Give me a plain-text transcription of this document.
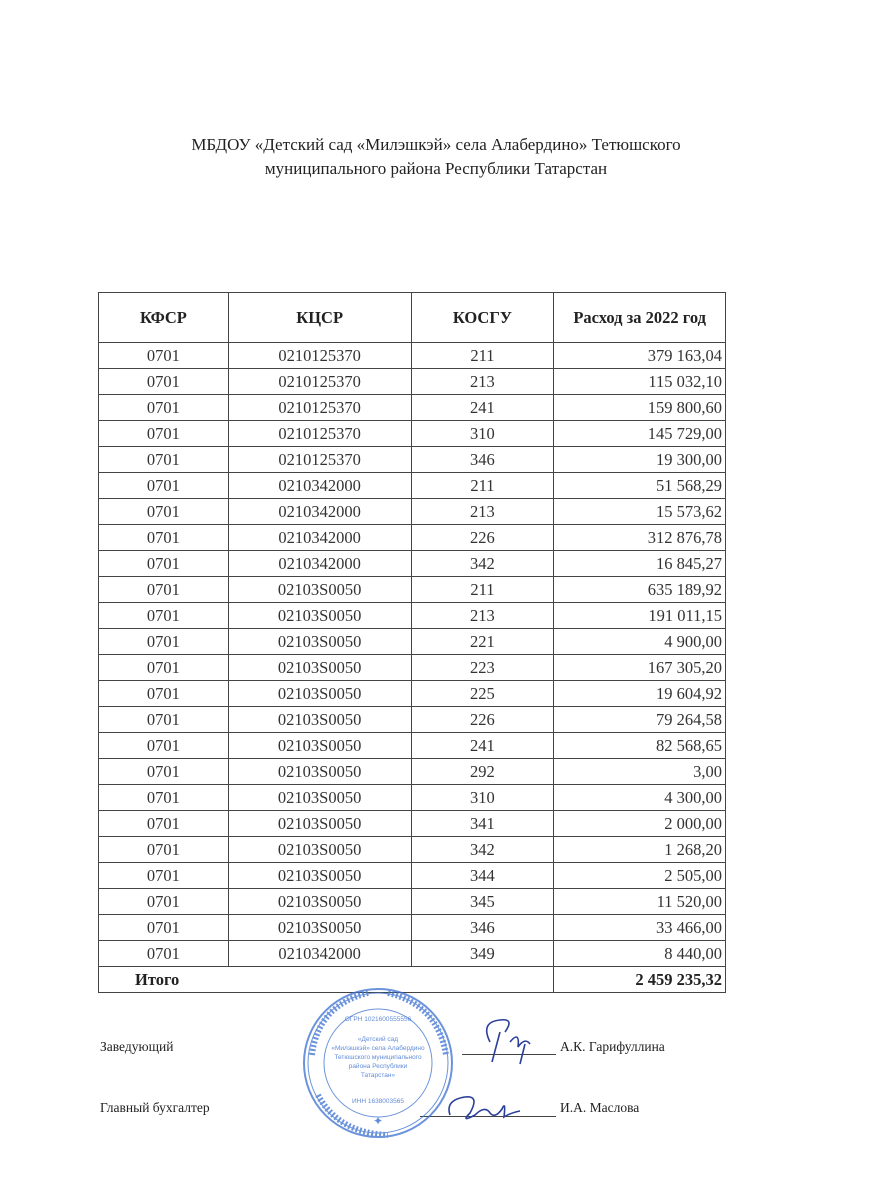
МБДОУ «Детский сад «Милэшкэй» села Алабердино» Тетюшского
муниципального района Республики Татарстан
КФСР	КЦСР	КОСГУ	Расход за 2022 год
0701	0210125370	211	379 163,04
0701	0210125370	213	115 032,10
0701	0210125370	241	159 800,60
0701	0210125370	310	145 729,00
0701	0210125370	346	19 300,00
0701	0210342000	211	51 568,29
0701	0210342000	213	15 573,62
0701	0210342000	226	312 876,78
0701	0210342000	342	16 845,27
0701	02103S0050	211	635 189,92
0701	02103S0050	213	191 011,15
0701	02103S0050	221	4 900,00
0701	02103S0050	223	167 305,20
0701	02103S0050	225	19 604,92
0701	02103S0050	226	79 264,58
0701	02103S0050	241	82 568,65
0701	02103S0050	292	3,00
0701	02103S0050	310	4 300,00
0701	02103S0050	341	2 000,00
0701	02103S0050	342	1 268,20
0701	02103S0050	344	2 505,00
0701	02103S0050	345	11 520,00
0701	02103S0050	346	33 466,00
0701	0210342000	349	8 440,00
Итого			2 459 235,32
Заведующий	А.К. Гарифуллина
Главный бухгалтер	И.А. Маслова
ОГРН 1021600555556
«Детский сад
«Милэшкэй» села Алабердино
Тетюшского муниципального
района Республики
Татарстан»
ИНН 1638003565
✦
